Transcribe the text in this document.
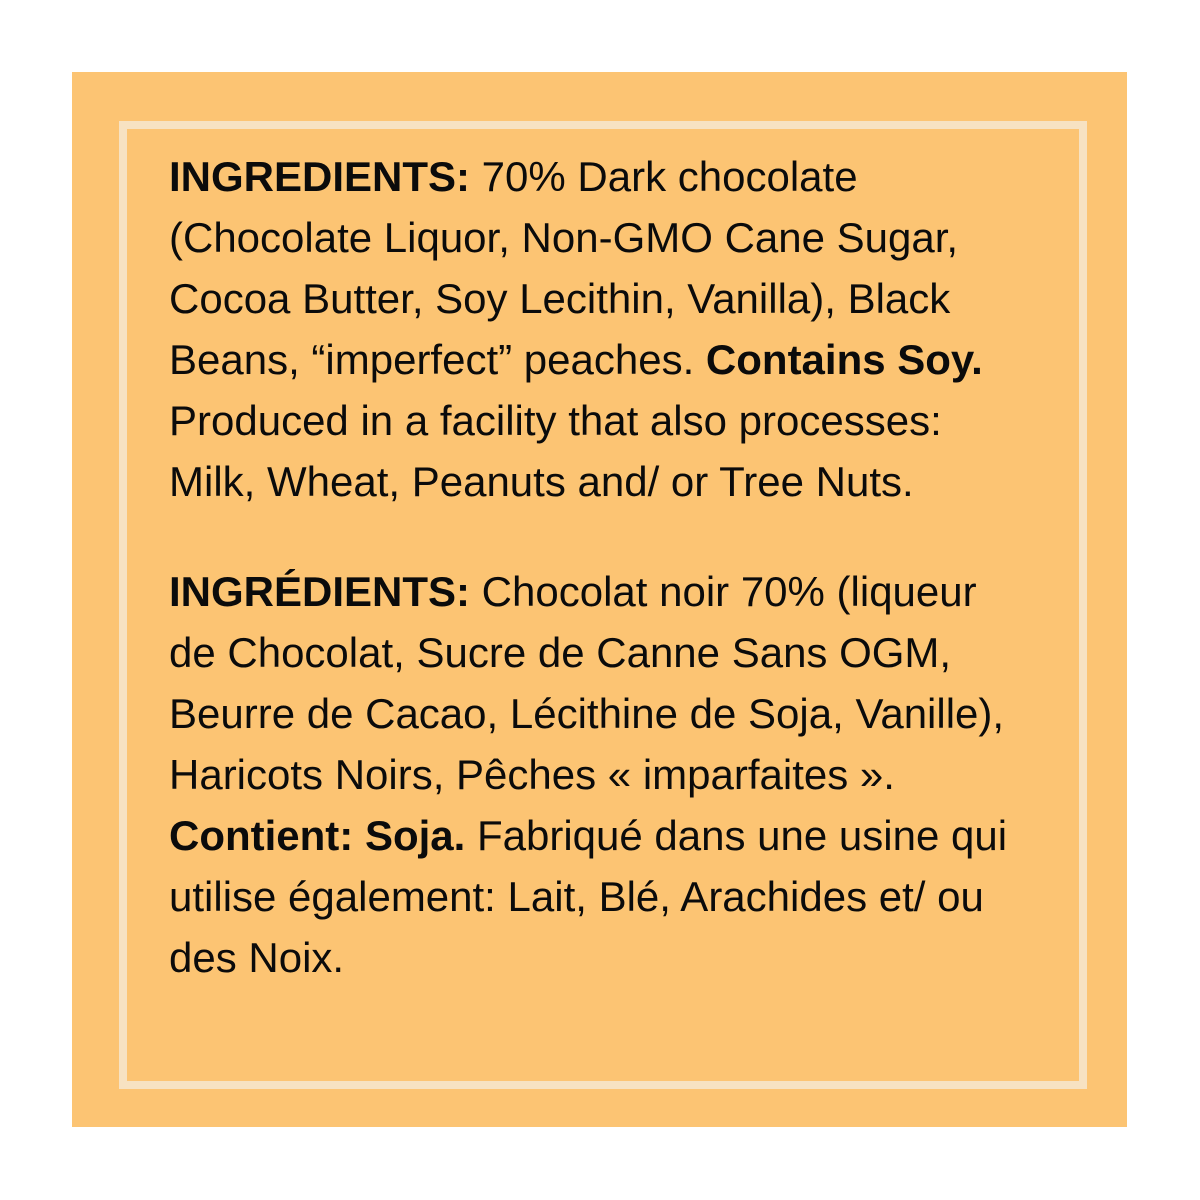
INGREDIENTS: 70% Dark chocolate (Chocolate Liquor, Non-GMO Cane Sugar, Cocoa Butter, Soy Lecithin, Vanilla), Black Beans, “imperfect” peaches. Contains Soy. Produced in a facility that also processes: Milk, Wheat, Peanuts and/ or Tree Nuts.

INGRÉDIENTS: Chocolat noir 70% (liqueur de Chocolat, Sucre de Canne Sans OGM, Beurre de Cacao, Lécithine de Soja, Vanille), Haricots Noirs, Pêches « imparfaites ». Contient: Soja. Fabriqué dans une usine qui utilise également: Lait, Blé, Arachides et/ ou des Noix.
